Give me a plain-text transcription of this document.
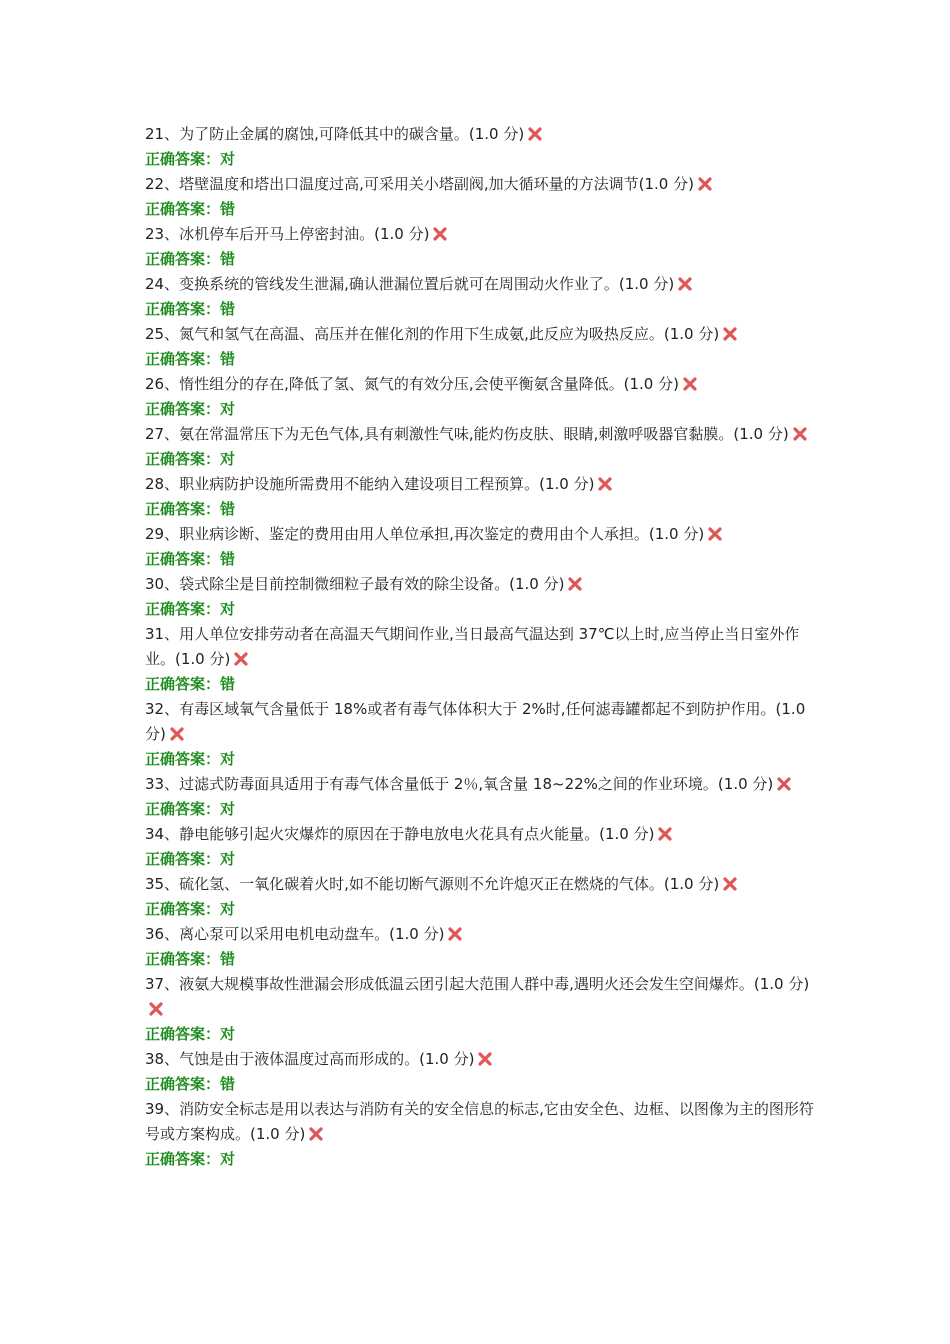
21、为了防止金属的腐蚀,可降低其中的碳含量。(1.0 分)
正确答案：对
22、塔壁温度和塔出口温度过高,可采用关小塔副阀,加大循环量的方法调节(1.0 分)
正确答案：错
23、冰机停车后开马上停密封油。(1.0 分)
正确答案：错
24、变换系统的管线发生泄漏,确认泄漏位置后就可在周围动火作业了。(1.0 分)
正确答案：错
25、氮气和氢气在高温、高压并在催化剂的作用下生成氨,此反应为吸热反应。(1.0 分)
正确答案：错
26、惰性组分的存在,降低了氢、氮气的有效分压,会使平衡氨含量降低。(1.0 分)
正确答案：对
27、氨在常温常压下为无色气体,具有刺激性气味,能灼伤皮肤、眼睛,刺激呼吸器官黏膜。(1.0 分)
正确答案：对
28、职业病防护设施所需费用不能纳入建设项目工程预算。(1.0 分)
正确答案：错
29、职业病诊断、鉴定的费用由用人单位承担,再次鉴定的费用由个人承担。(1.0 分)
正确答案：错
30、袋式除尘是目前控制微细粒子最有效的除尘设备。(1.0 分)
正确答案：对
31、用人单位安排劳动者在高温天气期间作业,当日最高气温达到 37℃以上时,应当停止当日室外作业。(1.0 分)
正确答案：错
32、有毒区域氧气含量低于 18%或者有毒气体体积大于 2%时,任何滤毒罐都起不到防护作用。(1.0 分)
正确答案：对
33、过滤式防毒面具适用于有毒气体含量低于 2％,氧含量 18~22%之间的作业环境。(1.0 分)
正确答案：对
34、静电能够引起火灾爆炸的原因在于静电放电火花具有点火能量。(1.0 分)
正确答案：对
35、硫化氢、一氧化碳着火时,如不能切断气源则不允许熄灭正在燃烧的气体。(1.0 分)
正确答案：对
36、离心泵可以采用电机电动盘车。(1.0 分)
正确答案：错
37、液氨大规模事故性泄漏会形成低温云团引起大范围人群中毒,遇明火还会发生空间爆炸。(1.0 分)
正确答案：对
38、气蚀是由于液体温度过高而形成的。(1.0 分)
正确答案：错
39、消防安全标志是用以表达与消防有关的安全信息的标志,它由安全色、边框、以图像为主的图形符号或方案构成。(1.0 分)
正确答案：对
